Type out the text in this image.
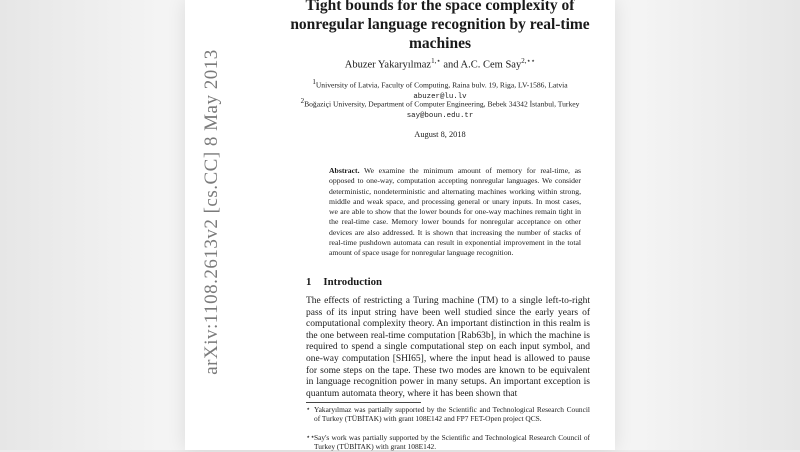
arXiv:1108.2613v2 [cs.CC] 8 May 2013
Tight bounds for the space complexity of nonregular language recognition by real-time machines
Abuzer Yakaryılmaz$^{1,⋆}$ and A.C. Cem Say$^{2,⋆⋆}$
$^1$University of Latvia, Faculty of Computing, Raina bulv. 19, Riga, LV-1586, Latvia
abuzer@lu.lv
$^2$Boğaziçi University, Department of Computer Engineering, Bebek 34342 İstanbul, Turkey
say@boun.edu.tr
August 8, 2018

Abstract. We examine the minimum amount of memory for real-time, as opposed to one-way, computation accepting nonregular languages. We consider deterministic, nondeterministic and alternating machines working within strong, middle and weak space, and processing general or unary inputs. In most cases, we are able to show that the lower bounds for one-way machines remain tight in the real-time case. Memory lower bounds for nonregular acceptance on other devices are also addressed. It is shown that increasing the number of stacks of real-time pushdown automata can result in exponential improvement in the total amount of space usage for nonregular language recognition.

1 Introduction

The effects of restricting a Turing machine (TM) to a single left-to-right pass of its input string have been well studied since the early years of computational complexity theory. An important distinction in this realm is the one between real-time computation [Rab63b], in which the machine is required to spend a single computational step on each input symbol, and one-way computation [SHI65], where the input head is allowed to pause for some steps on the tape. These two modes are known to be equivalent in language recognition power in many setups. An important exception is quantum automata theory, where it has been shown that

⋆ Yakaryılmaz was partially supported by the Scientific and Technological Research Council of Turkey (TÜBİTAK) with grant 108E142 and FP7 FET-Open project QCS.

⋆⋆ Say's work was partially supported by the Scientific and Technological Research Council of Turkey (TÜBİTAK) with grant 108E142.
